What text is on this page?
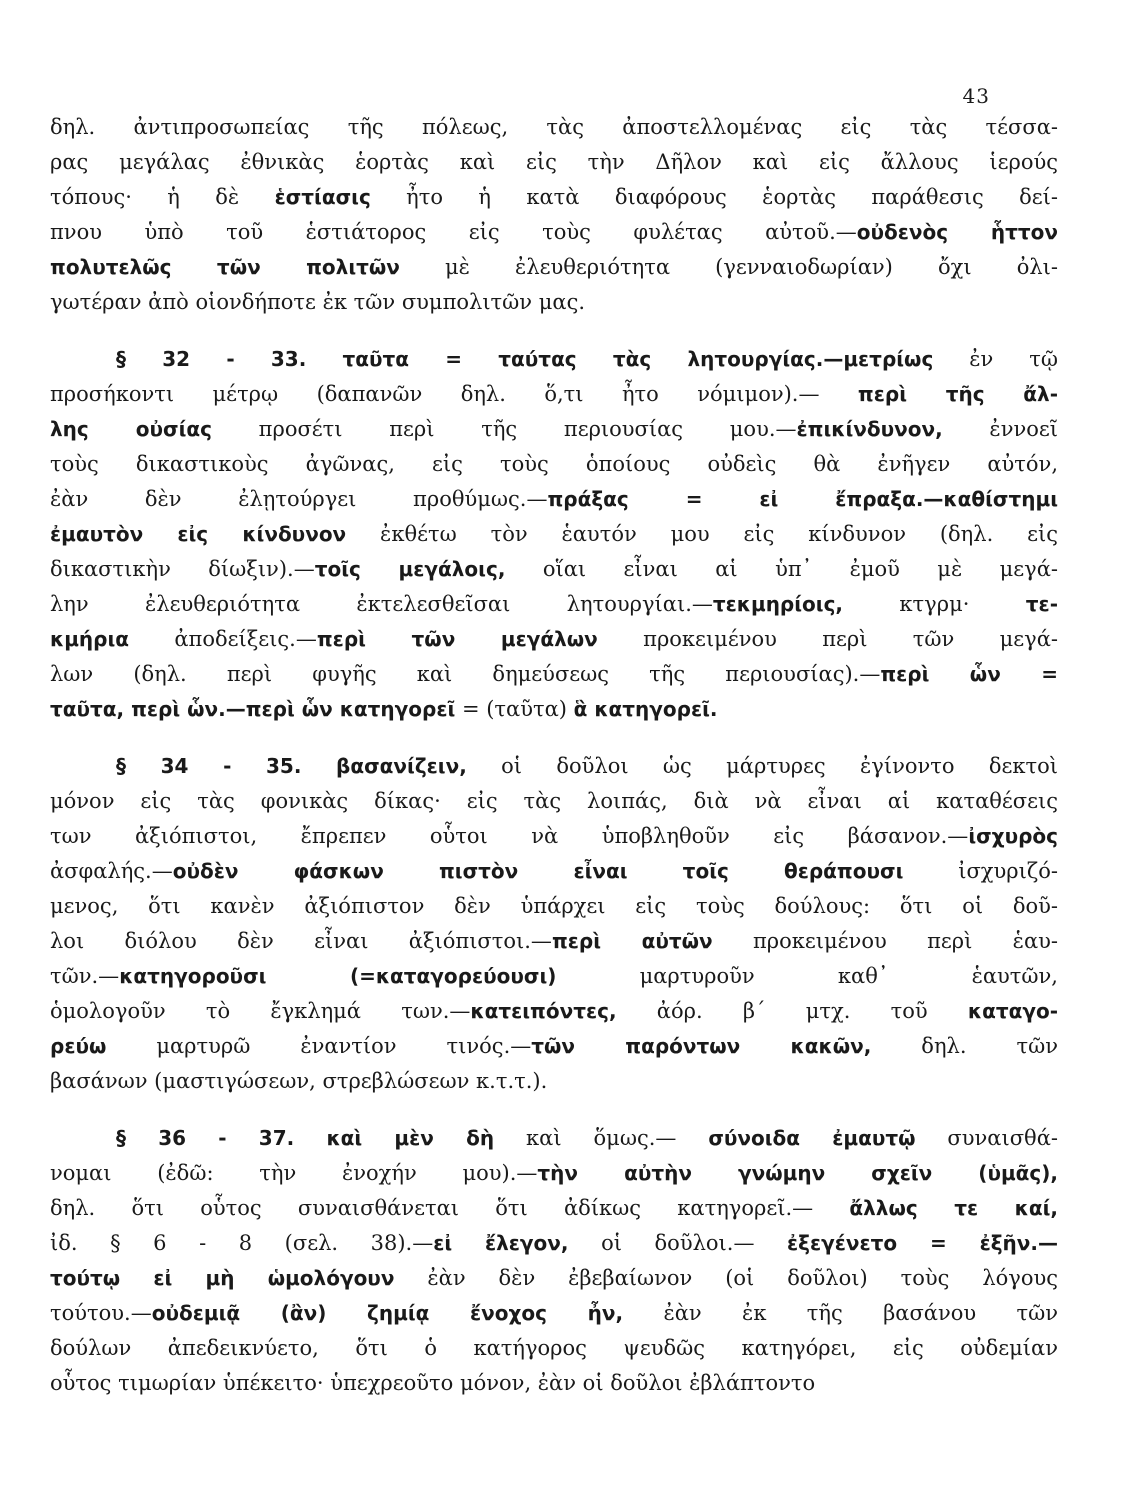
43
δηλ. ἀντιπροσωπείας τῆς πόλεως, τὰς ἀποστελλομένας εἰς τὰς τέσσα-
ρας μεγάλας ἐθνικὰς ἑορτὰς καὶ εἰς τὴν Δῆλον καὶ εἰς ἄλλους ἱερούς
τόπους· ἡ δὲ ἑστίασις ἦτο ἡ κατὰ διαφόρους ἑορτὰς παράθεσις δεί-
πνου ὑπὸ τοῦ ἑστιάτορος εἰς τοὺς φυλέτας αὐτοῦ.—οὐδενὸς ἧττον
πολυτελῶς τῶν πολιτῶν μὲ ἐλευθεριότητα (γενναιοδωρίαν) ὄχι ὀλι-
γωτέραν ἀπὸ οἱονδήποτε ἐκ τῶν συμπολιτῶν μας.
§ 32 - 33. ταῦτα = ταύτας τὰς λητουργίας.—μετρίως ἐν τῷ
προσήκοντι μέτρῳ (δαπανῶν δηλ. ὅ,τι ἦτο νόμιμον).— περὶ τῆς ἄλ-
λης οὐσίας προσέτι περὶ τῆς περιουσίας μου.—ἐπικίνδυνον, ἐννοεῖ
τοὺς δικαστικοὺς ἀγῶνας, εἰς τοὺς ὁποίους οὐδεὶς θὰ ἐνῆγεν αὐτόν,
ἐὰν δὲν ἐλῃτούργει προθύμως.—πράξας = εἰ ἔπραξα.—καθίστημι
ἐμαυτὸν εἰς κίνδυνον ἐκθέτω τὸν ἑαυτόν μου εἰς κίνδυνον (δηλ. εἰς
δικαστικὴν δίωξιν).—τοῖς μεγάλοις, οἵαι εἶναι αἱ ὑπ᾽ ἐμοῦ μὲ μεγά-
λην ἐλευθεριότητα ἐκτελεσθεῖσαι λητουργίαι.—τεκμηρίοις, κτγρμ· τε-
κμήρια ἀποδείξεις.—περὶ τῶν μεγάλων προκειμένου περὶ τῶν μεγά-
λων (δηλ. περὶ φυγῆς καὶ δημεύσεως τῆς περιουσίας).—περὶ ὧν =
ταῦτα, περὶ ὧν.—περὶ ὧν κατηγορεῖ = (ταῦτα) ἃ κατηγορεῖ.
§ 34 - 35. βασανίζειν, οἱ δοῦλοι ὡς μάρτυρες ἐγίνοντο δεκτοὶ
μόνον εἰς τὰς φονικὰς δίκας· εἰς τὰς λοιπάς, διὰ νὰ εἶναι αἱ καταθέσεις
των ἀξιόπιστοι, ἔπρεπεν οὗτοι νὰ ὑποβληθοῦν εἰς βάσανον.—ἰσχυρὸς
ἀσφαλής.—οὐδὲν φάσκων πιστὸν εἶναι τοῖς θεράπουσι ἰσχυριζό-
μενος, ὅτι κανὲν ἀξιόπιστον δὲν ὑπάρχει εἰς τοὺς δούλους: ὅτι οἱ δοῦ-
λοι διόλου δὲν εἶναι ἀξιόπιστοι.—περὶ αὐτῶν προκειμένου περὶ ἑαυ-
τῶν.—κατηγοροῦσι (=καταγορεύουσι) μαρτυροῦν καθ᾽ ἑαυτῶν,
ὁμολογοῦν τὸ ἔγκλημά των.—κατειπόντες, ἀόρ. β´ μτχ. τοῦ καταγο-
ρεύω μαρτυρῶ ἐναντίον τινός.—τῶν παρόντων κακῶν, δηλ. τῶν
βασάνων (μαστιγώσεων, στρεβλώσεων κ.τ.τ.).
§ 36 - 37. καὶ μὲν δὴ καὶ ὅμως.— σύνοιδα ἐμαυτῷ συναισθά-
νομαι (ἐδῶ: τὴν ἐνοχήν μου).—τὴν αὐτὴν γνώμην σχεῖν (ὑμᾶς),
δηλ. ὅτι οὗτος συναισθάνεται ὅτι ἀδίκως κατηγορεῖ.— ἄλλως τε καί,
ἰδ. § 6 - 8 (σελ. 38).—εἰ ἔλεγον, οἱ δοῦλοι.— ἐξεγένετο = ἐξῆν.—
τούτῳ εἰ μὴ ὡμολόγουν ἐὰν δὲν ἐβεβαίωνον (οἱ δοῦλοι) τοὺς λόγους
τούτου.—οὐδεμιᾷ (ἂν) ζημίᾳ ἔνοχος ἦν, ἐὰν ἐκ τῆς βασάνου τῶν
δούλων ἀπεδεικνύετο, ὅτι ὁ κατήγορος ψευδῶς κατηγόρει, εἰς οὐδεμίαν
οὗτος τιμωρίαν ὑπέκειτο· ὑπεχρεοῦτο μόνον, ἐὰν οἱ δοῦλοι ἐβλάπτοντο
